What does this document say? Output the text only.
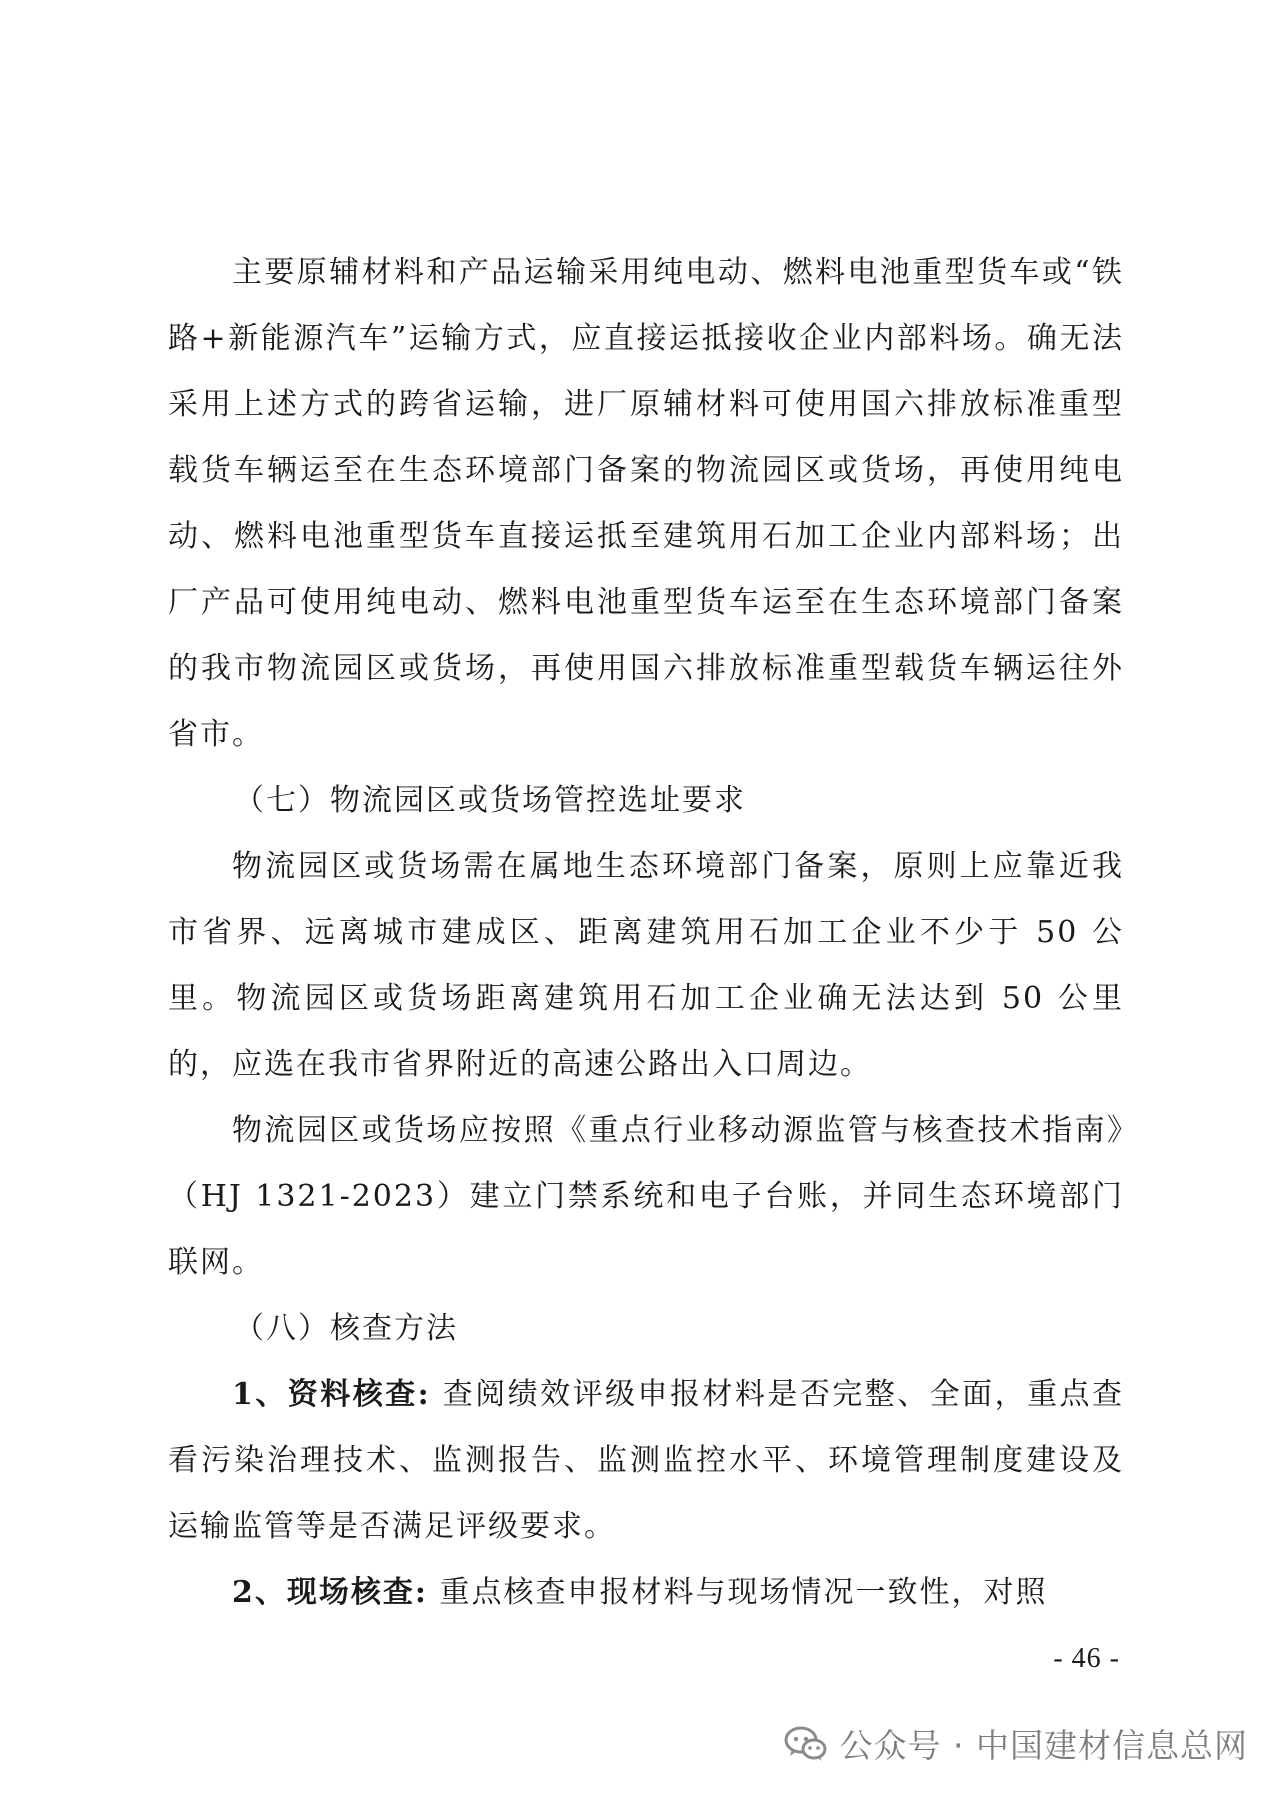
主要原辅材料和产品运输采用纯电动、燃料电池重型货车或“铁路+新能源汽车”运输方式，应直接运抵接收企业内部料场。确无法采用上述方式的跨省运输，进厂原辅材料可使用国六排放标准重型载货车辆运至在生态环境部门备案的物流园区或货场，再使用纯电动、燃料电池重型货车直接运抵至建筑用石加工企业内部料场；出厂产品可使用纯电动、燃料电池重型货车运至在生态环境部门备案的我市物流园区或货场，再使用国六排放标准重型载货车辆运往外省市。

（七）物流园区或货场管控选址要求

物流园区或货场需在属地生态环境部门备案，原则上应靠近我市省界、远离城市建成区、距离建筑用石加工企业不少于 50 公里。物流园区或货场距离建筑用石加工企业确无法达到 50 公里的，应选在我市省界附近的高速公路出入口周边。

物流园区或货场应按照《重点行业移动源监管与核查技术指南》（HJ 1321-2023）建立门禁系统和电子台账，并同生态环境部门联网。

（八）核查方法

1、资料核查: 查阅绩效评级申报材料是否完整、全面，重点查看污染治理技术、监测报告、监测监控水平、环境管理制度建设及运输监管等是否满足评级要求。

2、现场核查: 重点核查申报材料与现场情况一致性，对照

- 46 -
公众号 · 中国建材信息总网
